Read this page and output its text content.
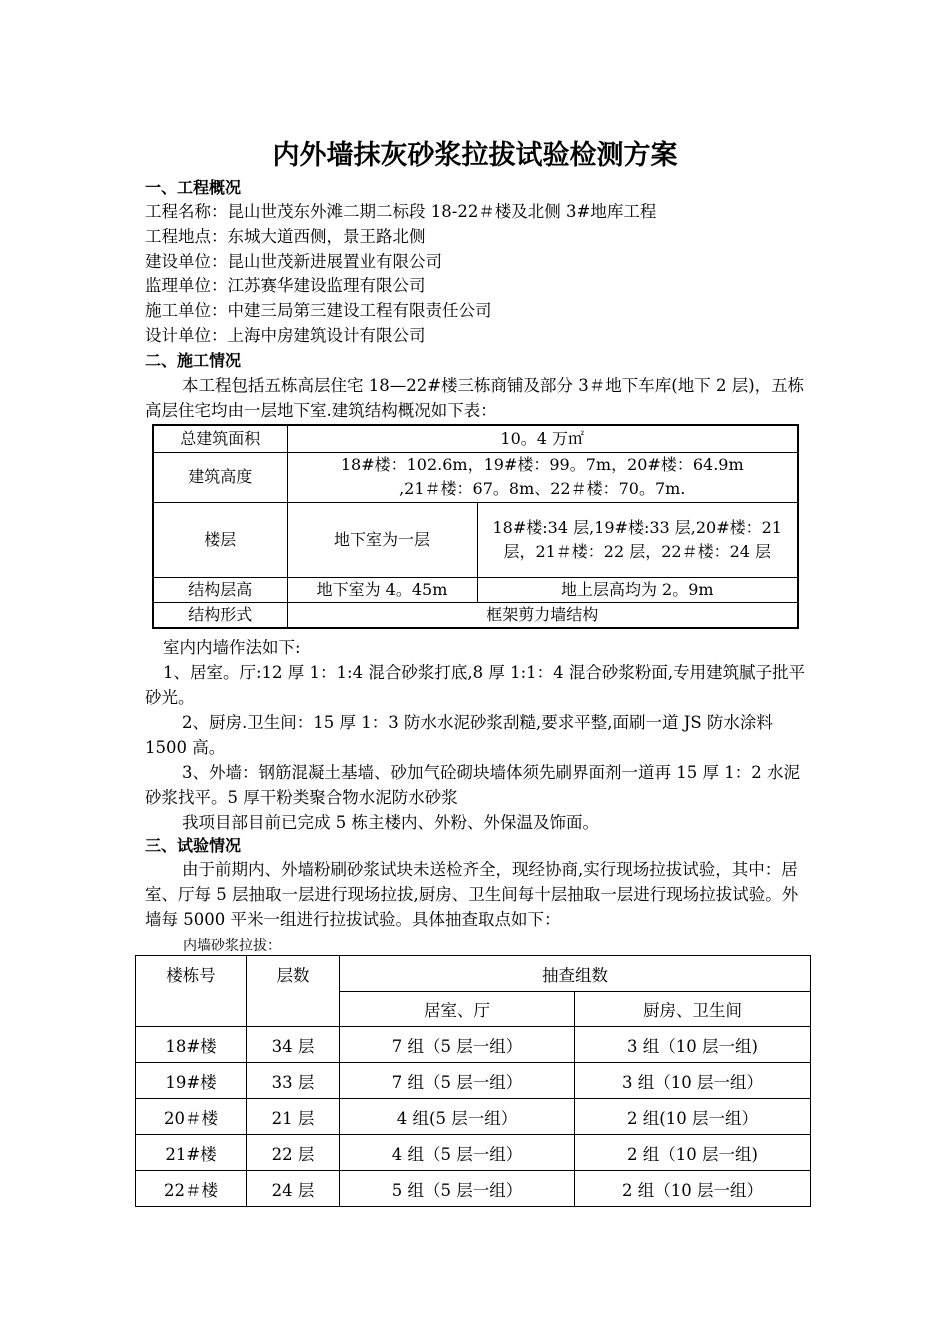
内外墙抹灰砂浆拉拔试验检测方案
一、工程概况
工程名称：昆山世茂东外滩二期二标段 18-22＃楼及北侧 3#地库工程
工程地点：东城大道西侧，景王路北侧
建设单位：昆山世茂新进展置业有限公司
监理单位：江苏赛华建设监理有限公司
施工单位：中建三局第三建设工程有限责任公司
设计单位：上海中房建筑设计有限公司
二、施工情况

本工程包括五栋高层住宅 18—22#楼三栋商铺及部分 3＃地下车库(地下 2 层)，五栋高层住宅均由一层地下室.建筑结构概况如下表：

总建筑面积	10。4 万㎡	
建筑高度	18#楼：102.6m，19#楼：99。7m，20#楼：64.9m
,21＃楼：67。8m、22＃楼：70。7m.	

楼层	地下室为一层	18#楼:34 层,19#楼:33 层,20#楼：21 层，21＃楼：22 层，22＃楼：24 层
结构层高	地下室为 4。45m	地上层高均为 2。9m
结构形式	框架剪力墙结构	

室内内墙作法如下:

1、居室。厅:12 厚 1：1:4 混合砂浆打底,8 厚 1:1：4 混合砂浆粉面,专用建筑腻子批平砂光。

2、厨房.卫生间：15 厚 1：3 防水水泥砂浆刮糙,要求平整,面刷一道 JS 防水涂料 1500 高。

3、外墙：钢筋混凝土基墙、砂加气砼砌块墙体须先刷界面剂一道再 15 厚 1：2 水泥砂浆找平。5 厚干粉类聚合物水泥防水砂浆

我项目部目前已完成 5 栋主楼内、外粉、外保温及饰面。

三、试验情况

由于前期内、外墙粉刷砂浆试块未送检齐全，现经协商,实行现场拉拔试验，其中：居室、厅每 5 层抽取一层进行现场拉拔,厨房、卫生间每十层抽取一层进行现场拉拔试验。外墙每 5000 平米一组进行拉拔试验。具体抽查取点如下：

内墙砂浆拉拔：
楼栋号	层数	抽查组数	
		居室、厅	厨房、卫生间
18#楼	34 层	7 组（5 层一组）	3 组（10 层一组)
19#楼	33 层	7 组（5 层一组）	3 组（10 层一组）
20＃楼	21 层	4 组(5 层一组）	2 组(10 层一组）
21#楼	22 层	4 组（5 层一组）	2 组（10 层一组)
22＃楼	24 层	5 组（5 层一组）	2 组（10 层一组）
